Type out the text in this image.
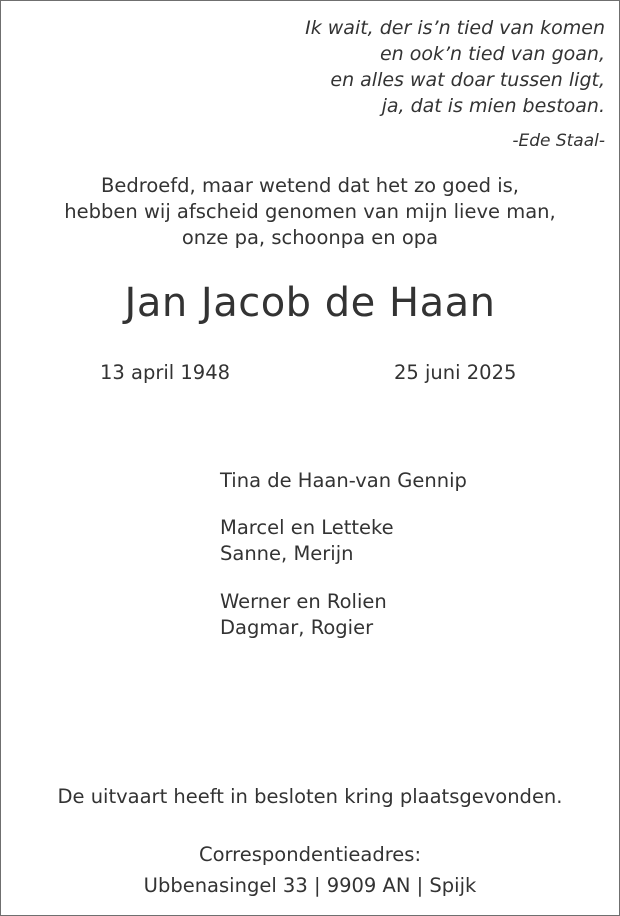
Ik wait, der is’n tied van komen
en ook’n tied van goan,
en alles wat doar tussen ligt,
ja, dat is mien bestoan.
-Ede Staal-
Bedroefd, maar wetend dat het zo goed is,
hebben wij afscheid genomen van mijn lieve man,
onze pa, schoonpa en opa
Jan Jacob de Haan
13 april 1948	25 juni 2025
Tina de Haan-van Gennip
Marcel en Letteke
Sanne, Merijn
Werner en Rolien
Dagmar, Rogier
De uitvaart heeft in besloten kring plaatsgevonden.
Correspondentieadres:
Ubbenasingel 33 | 9909 AN | Spijk
